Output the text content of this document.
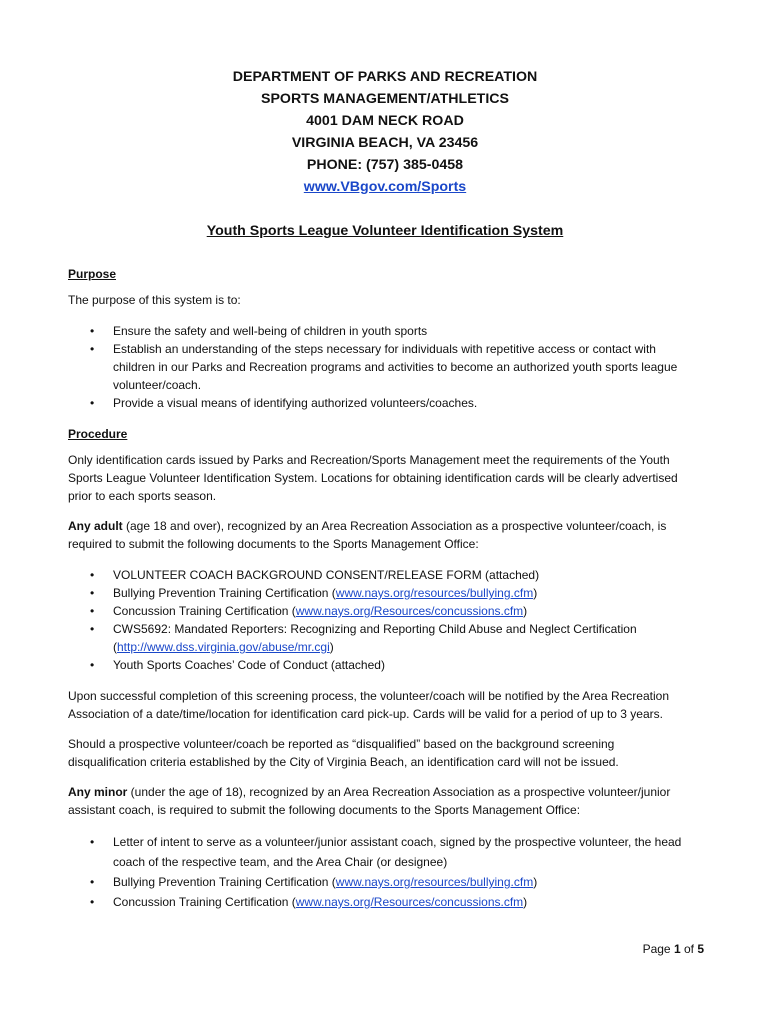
DEPARTMENT OF PARKS AND RECREATION
SPORTS MANAGEMENT/ATHLETICS
4001 DAM NECK ROAD
VIRGINIA BEACH, VA 23456
PHONE: (757) 385-0458
www.VBgov.com/Sports
Youth Sports League Volunteer Identification System
Purpose

The purpose of this system is to:

• Ensure the safety and well-being of children in youth sports
• Establish an understanding of the steps necessary for individuals with repetitive access or contact with children in our Parks and Recreation programs and activities to become an authorized youth sports league volunteer/coach.
• Provide a visual means of identifying authorized volunteers/coaches.
Procedure

Only identification cards issued by Parks and Recreation/Sports Management meet the requirements of the Youth Sports League Volunteer Identification System. Locations for obtaining identification cards will be clearly advertised prior to each sports season.

Any adult (age 18 and over), recognized by an Area Recreation Association as a prospective volunteer/coach, is required to submit the following documents to the Sports Management Office:

• VOLUNTEER COACH BACKGROUND CONSENT/RELEASE FORM (attached)
• Bullying Prevention Training Certification (www.nays.org/resources/bullying.cfm)
• Concussion Training Certification (www.nays.org/Resources/concussions.cfm)
• CWS5692: Mandated Reporters: Recognizing and Reporting Child Abuse and Neglect Certification (http://www.dss.virginia.gov/abuse/mr.cgi)
• Youth Sports Coaches’ Code of Conduct (attached)

Upon successful completion of this screening process, the volunteer/coach will be notified by the Area Recreation Association of a date/time/location for identification card pick-up. Cards will be valid for a period of up to 3 years.

Should a prospective volunteer/coach be reported as “disqualified” based on the background screening disqualification criteria established by the City of Virginia Beach, an identification card will not be issued.

Any minor (under the age of 18), recognized by an Area Recreation Association as a prospective volunteer/junior assistant coach, is required to submit the following documents to the Sports Management Office:

• Letter of intent to serve as a volunteer/junior assistant coach, signed by the prospective volunteer, the head coach of the respective team, and the Area Chair (or designee)
• Bullying Prevention Training Certification (www.nays.org/resources/bullying.cfm)
• Concussion Training Certification (www.nays.org/Resources/concussions.cfm)
Page 1 of 5
